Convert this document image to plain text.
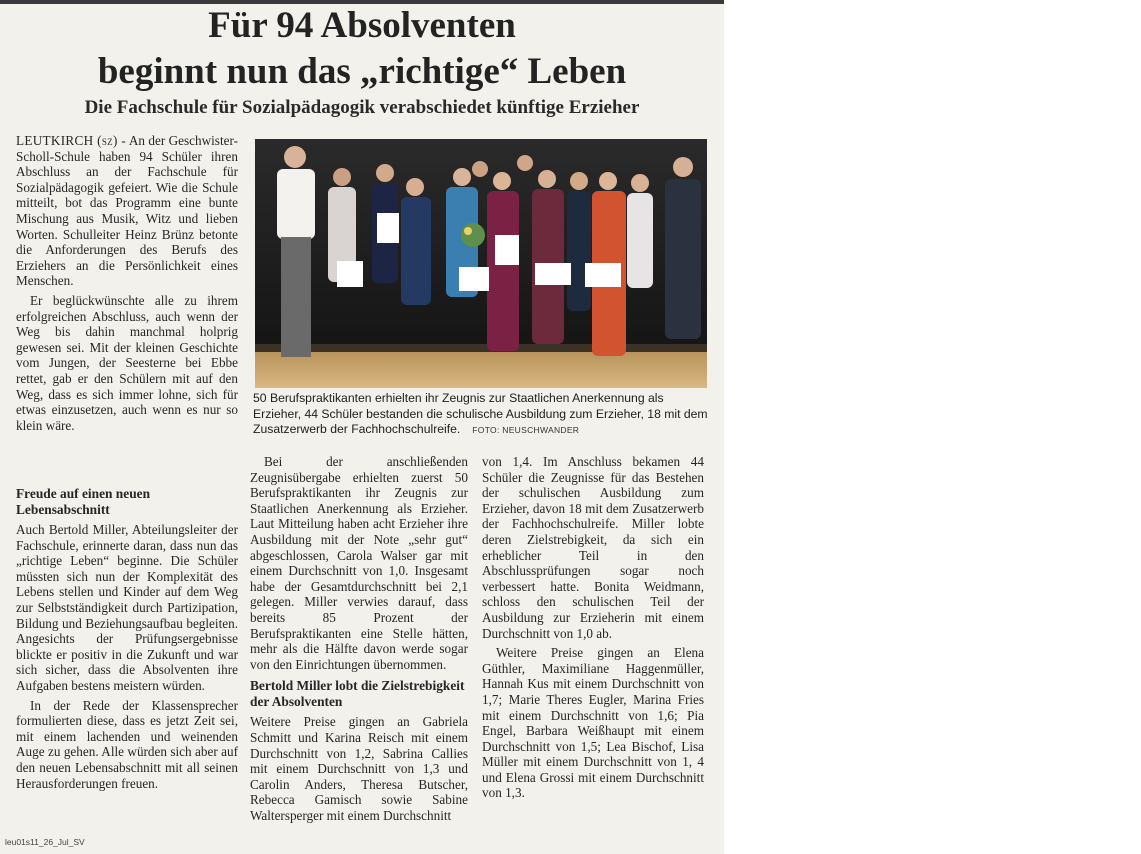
Für 94 Absolventen
beginnt nun das „richtige“ Leben
Die Fachschule für Sozialpädagogik verabschiedet künftige Erzieher

LEUTKIRCH (sz) - An der Geschwister-Scholl-Schule haben 94 Schüler ihren Abschluss an der Fachschule für Sozialpädagogik gefeiert. Wie die Schule mitteilt, bot das Programm eine bunte Mischung aus Musik, Witz und lieben Worten. Schulleiter Heinz Brünz betonte die Anforderungen des Berufs des Erziehers an die Persönlichkeit eines Menschen.

Er beglückwünschte alle zu ihrem erfolgreichen Abschluss, auch wenn der Weg bis dahin manchmal holprig gewesen sei. Mit der kleinen Geschichte vom Jungen, der Seesterne bei Ebbe rettet, gab er den Schülern mit auf den Weg, dass es sich immer lohne, sich für etwas einzusetzen, auch wenn es nur so klein wäre.

Freude auf einen neuen Lebensabschnitt

Auch Bertold Miller, Abteilungsleiter der Fachschule, erinnerte daran, dass nun das „richtige Leben“ beginne. Die Schüler müssten sich nun der Komplexität des Lebens stellen und Kinder auf dem Weg zur Selbstständigkeit durch Partizipation, Bildung und Beziehungsaufbau begleiten. Angesichts der Prüfungsergebnisse blickte er positiv in die Zukunft und war sich sicher, dass die Absolventen ihre Aufgaben bestens meistern würden.

In der Rede der Klassensprecher formulierten diese, dass es jetzt Zeit sei, mit einem lachenden und weinenden Auge zu gehen. Alle würden sich aber auf den neuen Lebensabschnitt mit all seinen Herausforderungen freuen.

50 Berufspraktikanten erhielten ihr Zeugnis zur Staatlichen Anerkennung als Erzieher, 44 Schüler bestanden die schulische Ausbildung zum Erzieher, 18 mit dem Zusatzerwerb der Fachhochschulreife. FOTO: NEUSCHWANDER

Bei der anschließenden Zeugnisübergabe erhielten zuerst 50 Berufspraktikanten ihr Zeugnis zur Staatlichen Anerkennung als Erzieher. Laut Mitteilung haben acht Erzieher ihre Ausbildung mit der Note „sehr gut“ abgeschlossen, Carola Walser gar mit einem Durchschnitt von 1,0. Insgesamt habe der Gesamtdurchschnitt bei 2,1 gelegen. Miller verwies darauf, dass bereits 85 Prozent der Berufspraktikanten eine Stelle hätten, mehr als die Hälfte davon werde sogar von den Einrichtungen übernommen.

Bertold Miller lobt die Zielstrebigkeit der Absolventen

Weitere Preise gingen an Gabriela Schmitt und Karina Reisch mit einem Durchschnitt von 1,2, Sabrina Callies mit einem Durchschnitt von 1,3 und Carolin Anders, Theresa Butscher, Rebecca Gamisch sowie Sabine Waltersperger mit einem Durchschnitt

von 1,4. Im Anschluss bekamen 44 Schüler die Zeugnisse für das Bestehen der schulischen Ausbildung zum Erzieher, davon 18 mit dem Zusatzerwerb der Fachhochschulreife. Miller lobte deren Zielstrebigkeit, da sich ein erheblicher Teil in den Abschlussprüfungen sogar noch verbessert hatte. Bonita Weidmann, schloss den schulischen Teil der Ausbildung zur Erzieherin mit einem Durchschnitt von 1,0 ab.

Weitere Preise gingen an Elena Güthler, Maximiliane Haggenmüller, Hannah Kus mit einem Durchschnitt von 1,7; Marie Theres Eugler, Marina Fries mit einem Durchschnitt von 1,6; Pia Engel, Barbara Weißhaupt mit einem Durchschnitt von 1,5; Lea Bischof, Lisa Müller mit einem Durchschnitt von 1, 4 und Elena Grossi mit einem Durchschnitt von 1,3.

leu01s11_26_Jul_SV
